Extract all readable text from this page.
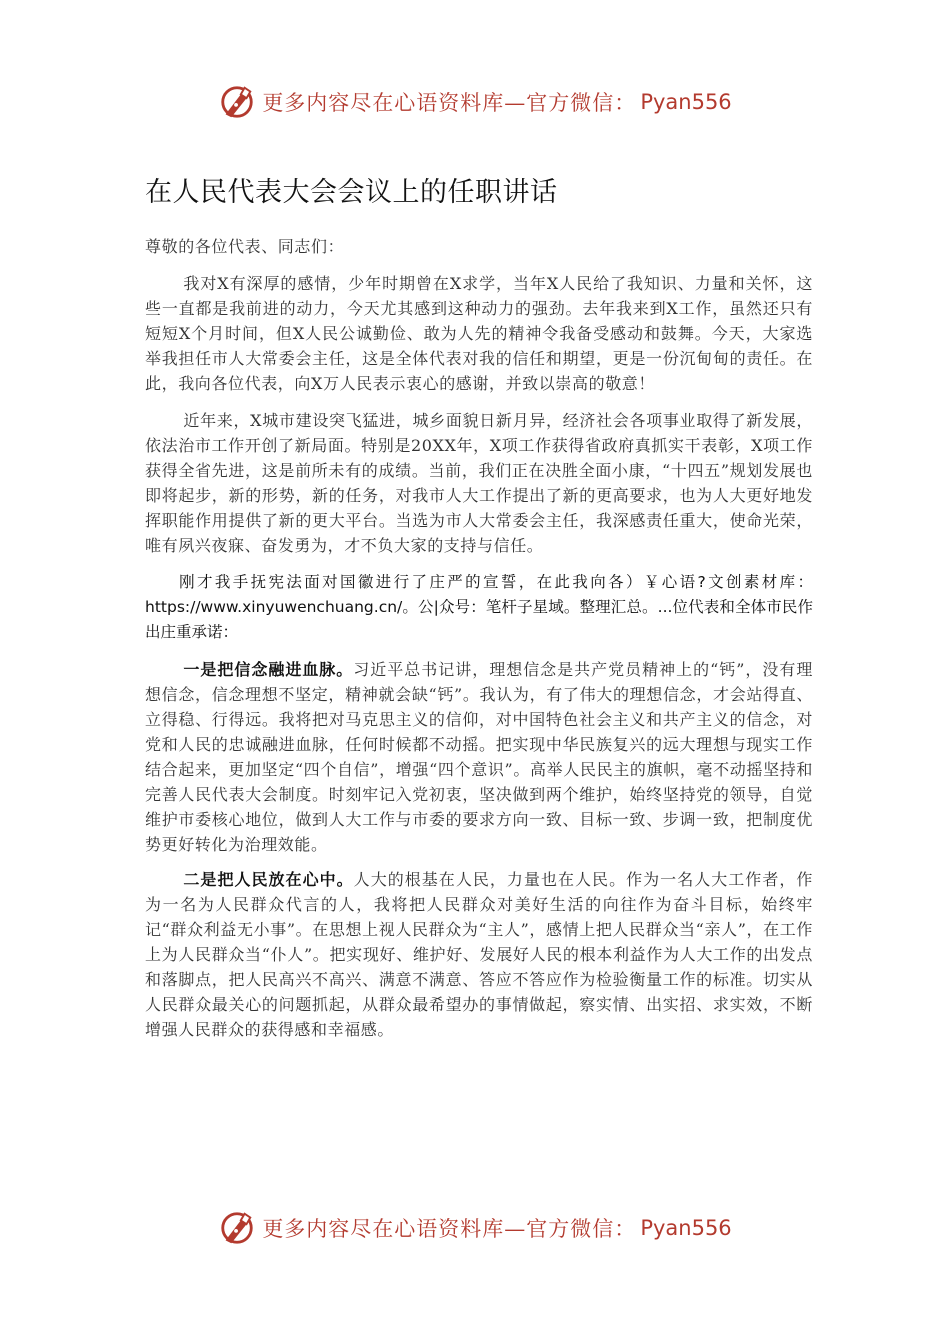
更多内容尽在心语资料库—官方微信： Pyan556
在人民代表大会会议上的任职讲话

尊敬的各位代表、同志们：

我对X有深厚的感情，少年时期曾在X求学，当年X人民给了我知识、力量和关怀，这些一直都是我前进的动力，今天尤其感到这种动力的强劲。去年我来到X工作，虽然还只有短短X个月时间，但X人民公诚勤俭、敢为人先的精神令我备受感动和鼓舞。今天，大家选举我担任市人大常委会主任，这是全体代表对我的信任和期望，更是一份沉甸甸的责任。在此，我向各位代表，向X万人民表示衷心的感谢，并致以崇高的敬意！

近年来，X城市建设突飞猛进，城乡面貌日新月异，经济社会各项事业取得了新发展，依法治市工作开创了新局面。特别是20XX年，X项工作获得省政府真抓实干表彰，X项工作获得全省先进，这是前所未有的成绩。当前，我们正在决胜全面小康，“十四五”规划发展也即将起步，新的形势，新的任务，对我市人大工作提出了新的更高要求，也为人大更好地发挥职能作用提供了新的更大平台。当选为市人大常委会主任，我深感责任重大，使命光荣，唯有夙兴夜寐、奋发勇为，才不负大家的支持与信任。

刚才我手抚宪法面对国徽进行了庄严的宣誓，在此我向各）￥心语?文创素材库：https://www.xinyuwenchuang.cn/。公|众号：笔杆子星域。整理汇总。...位代表和全体市民作出庄重承诺：

一是把信念融进血脉。习近平总书记讲，理想信念是共产党员精神上的“钙”，没有理想信念，信念理想不坚定，精神就会缺“钙”。我认为，有了伟大的理想信念，才会站得直、立得稳、行得远。我将把对马克思主义的信仰，对中国特色社会主义和共产主义的信念，对党和人民的忠诚融进血脉，任何时候都不动摇。把实现中华民族复兴的远大理想与现实工作结合起来，更加坚定“四个自信”，增强“四个意识”。高举人民民主的旗帜，毫不动摇坚持和完善人民代表大会制度。时刻牢记入党初衷，坚决做到两个维护，始终坚持党的领导，自觉维护市委核心地位，做到人大工作与市委的要求方向一致、目标一致、步调一致，把制度优势更好转化为治理效能。

二是把人民放在心中。人大的根基在人民，力量也在人民。作为一名人大工作者，作为一名为人民群众代言的人，我将把人民群众对美好生活的向往作为奋斗目标，始终牢记“群众利益无小事”。在思想上视人民群众为“主人”，感情上把人民群众当“亲人”，在工作上为人民群众当“仆人”。把实现好、维护好、发展好人民的根本利益作为人大工作的出发点和落脚点，把人民高兴不高兴、满意不满意、答应不答应作为检验衡量工作的标准。切实从人民群众最关心的问题抓起，从群众最希望办的事情做起，察实情、出实招、求实效，不断增强人民群众的获得感和幸福感。

更多内容尽在心语资料库—官方微信： Pyan556
